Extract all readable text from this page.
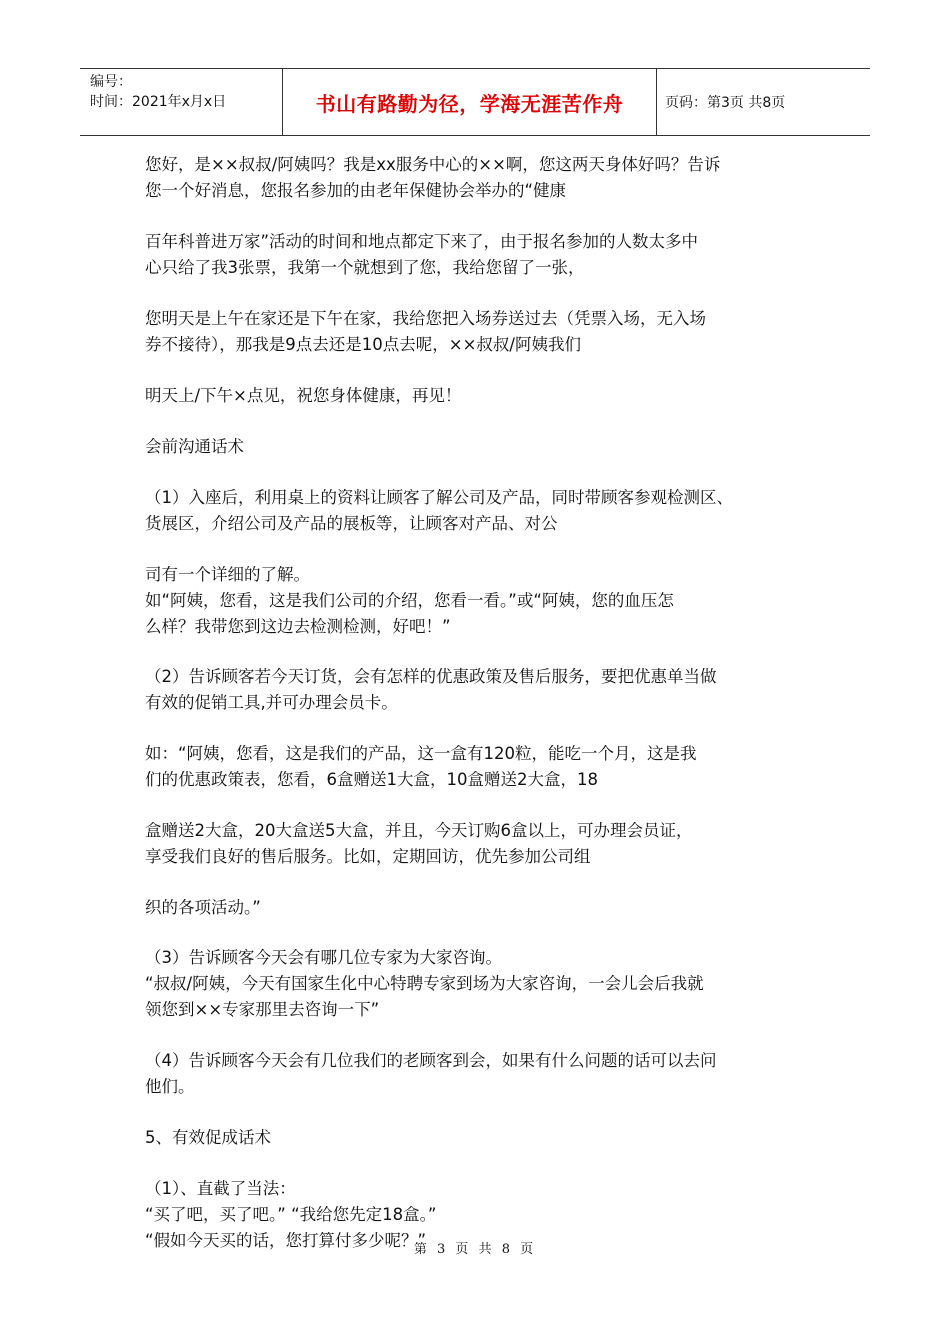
编号：
时间：2021年x月x日	书山有路勤为径，学海无涯苦作舟	页码：第3页 共8页
您好，是××叔叔/阿姨吗？我是xx服务中心的××啊，您这两天身体好吗？告诉
您一个好消息，您报名参加的由老年保健协会举办的“健康
百年科普进万家”活动的时间和地点都定下来了，由于报名参加的人数太多中
心只给了我3张票，我第一个就想到了您，我给您留了一张，
您明天是上午在家还是下午在家，我给您把入场券送过去（凭票入场，无入场
券不接待），那我是9点去还是10点去呢，××叔叔/阿姨我们
明天上/下午×点见，祝您身体健康，再见！
会前沟通话术
（1）入座后，利用桌上的资料让顾客了解公司及产品，同时带顾客参观检测区、
货展区，介绍公司及产品的展板等，让顾客对产品、对公
司有一个详细的了解。
如“阿姨，您看，这是我们公司的介绍，您看一看。”或“阿姨，您的血压怎
么样？我带您到这边去检测检测，好吧！”
（2）告诉顾客若今天订货，会有怎样的优惠政策及售后服务，要把优惠单当做
有效的促销工具,并可办理会员卡。
如：“阿姨，您看，这是我们的产品，这一盒有120粒，能吃一个月，这是我
们的优惠政策表，您看，6盒赠送1大盒，10盒赠送2大盒，18
盒赠送2大盒，20大盒送5大盒，并且，今天订购6盒以上，可办理会员证，
享受我们良好的售后服务。比如，定期回访，优先参加公司组
织的各项活动。”
（3）告诉顾客今天会有哪几位专家为大家咨询。
“叔叔/阿姨，今天有国家生化中心特聘专家到场为大家咨询，一会儿会后我就
领您到××专家那里去咨询一下”
（4）告诉顾客今天会有几位我们的老顾客到会，如果有什么问题的话可以去问
他们。
5、有效促成话术
（1）、直截了当法：
“买了吧，买了吧。” “我给您先定18盒。”
“假如今天买的话，您打算付多少呢？”
第 3 页 共 8 页
